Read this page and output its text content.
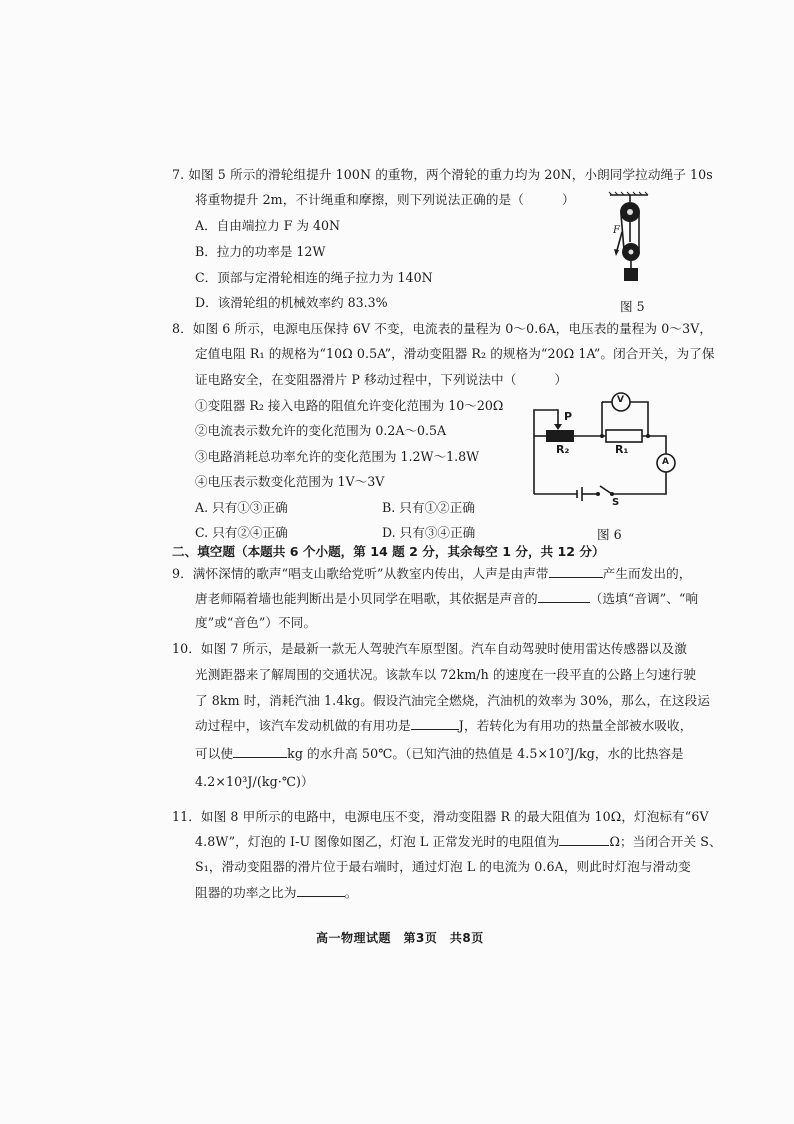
7. 如图 5 所示的滑轮组提升 100N 的重物，两个滑轮的重力均为 20N，小朗同学拉动绳子 10s
将重物提升 2m，不计绳重和摩擦，则下列说法正确的是（　　　）
A．自由端拉力 F 为 40N
B．拉力的功率是 12W
C．顶部与定滑轮相连的绳子拉力为 140N
D．该滑轮组的机械效率约 83.3%
F
图 5
8．如图 6 所示，电源电压保持 6V 不变，电流表的量程为 0～0.6A，电压表的量程为 0～3V，
定值电阻 R₁ 的规格为“10Ω 0.5A”，滑动变阻器 R₂ 的规格为“20Ω 1A”。闭合开关，为了保
证电路安全，在变阻器滑片 P 移动过程中，下列说法中（　　　）
①变阻器 R₂ 接入电路的阻值允许变化范围为 10～20Ω
②电流表示数允许的变化范围为 0.2A～0.5A
③电路消耗总功率允许的变化范围为 1.2W～1.8W
④电压表示数变化范围为 1V～3V
A. 只有①③正确	B. 只有①②正确
C. 只有②④正确	D. 只有③④正确
P
R₂	R₁
V
A
S
图 6
二、填空题（本题共 6 个小题，第 14 题 2 分，其余每空 1 分，共 12 分）
9．满怀深情的歌声“唱支山歌给党听”从教室内传出，人声是由声带	产生而发出的，
唐老师隔着墙也能判断出是小贝同学在唱歌，其依据是声音的	（选填“音调”、“响
度”或“音色”）不同。
10．如图 7 所示，是最新一款无人驾驶汽车原型图。汽车自动驾驶时使用雷达传感器以及激
光测距器来了解周围的交通状况。该款车以 72km/h 的速度在一段平直的公路上匀速行驶
了 8km 时，消耗汽油 1.4kg。假设汽油完全燃烧，汽油机的效率为 30%，那么，在这段运
动过程中，该汽车发动机做的有用功是	J，若转化为有用功的热量全部被水吸收，
可以使	kg 的水升高 50℃。（已知汽油的热值是 4.5×10⁷J/kg，水的比热容是
4.2×10³J/(kg·℃)）
11．如图 8 甲所示的电路中，电源电压不变，滑动变阻器 R 的最大阻值为 10Ω，灯泡标有“6V
4.8W”，灯泡的 I-U 图像如图乙，灯泡 L 正常发光时的电阻值为	Ω；当闭合开关 S、
S₁，滑动变阻器的滑片位于最右端时，通过灯泡 L 的电流为 0.6A，则此时灯泡与滑动变
阻器的功率之比为	。
高一物理试题　第3页　共8页
